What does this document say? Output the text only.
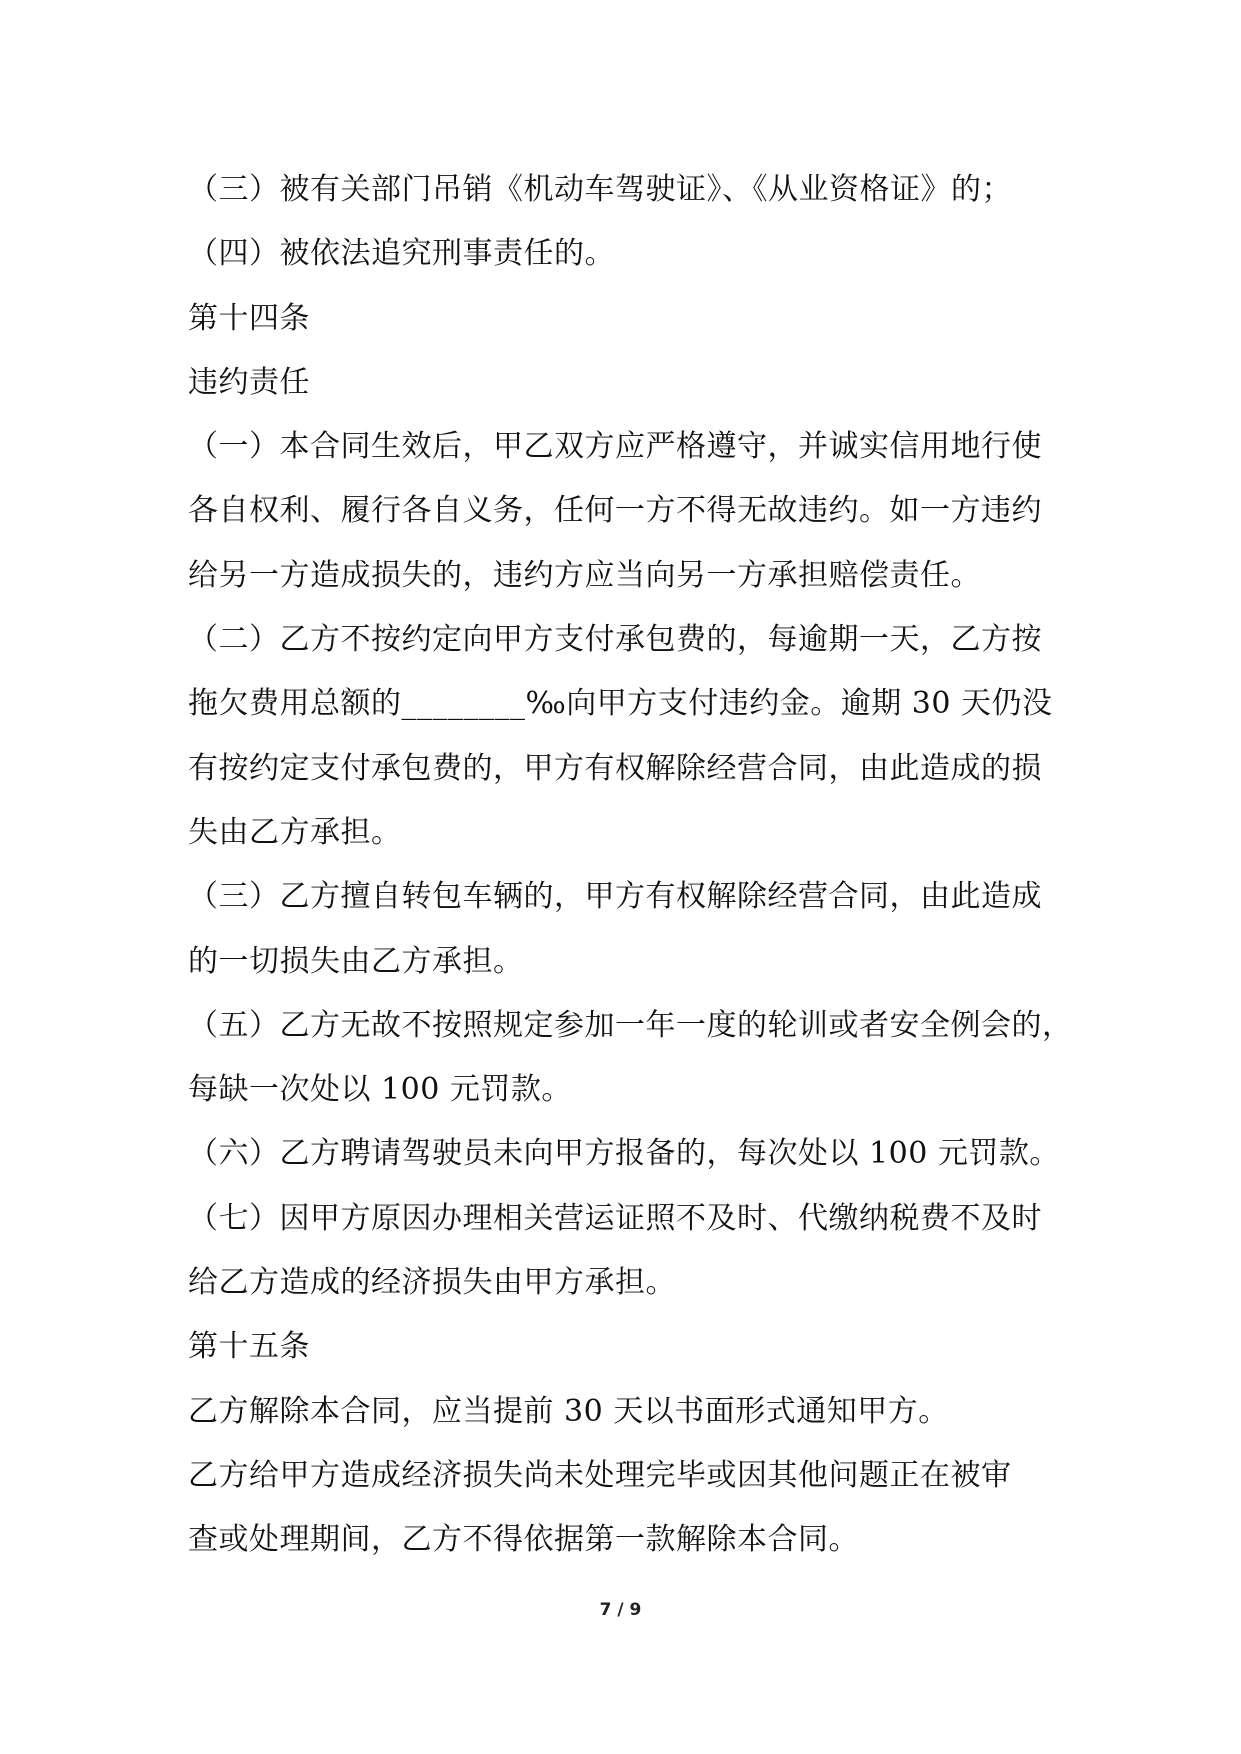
（三）被有关部门吊销《机动车驾驶证》、《从业资格证》的；
（四）被依法追究刑事责任的。
第十四条
违约责任
（一）本合同生效后，甲乙双方应严格遵守，并诚实信用地行使
各自权利、履行各自义务，任何一方不得无故违约。如一方违约
给另一方造成损失的，违约方应当向另一方承担赔偿责任。
（二）乙方不按约定向甲方支付承包费的，每逾期一天，乙方按
拖欠费用总额的________‰向甲方支付违约金。逾期 30 天仍没
有按约定支付承包费的，甲方有权解除经营合同，由此造成的损
失由乙方承担。
（三）乙方擅自转包车辆的，甲方有权解除经营合同，由此造成
的一切损失由乙方承担。
（五）乙方无故不按照规定参加一年一度的轮训或者安全例会的，
每缺一次处以 100 元罚款。
（六）乙方聘请驾驶员未向甲方报备的，每次处以 100 元罚款。
（七）因甲方原因办理相关营运证照不及时、代缴纳税费不及时
给乙方造成的经济损失由甲方承担。
第十五条
乙方解除本合同，应当提前 30 天以书面形式通知甲方。
乙方给甲方造成经济损失尚未处理完毕或因其他问题正在被审
查或处理期间，乙方不得依据第一款解除本合同。
7 / 9
